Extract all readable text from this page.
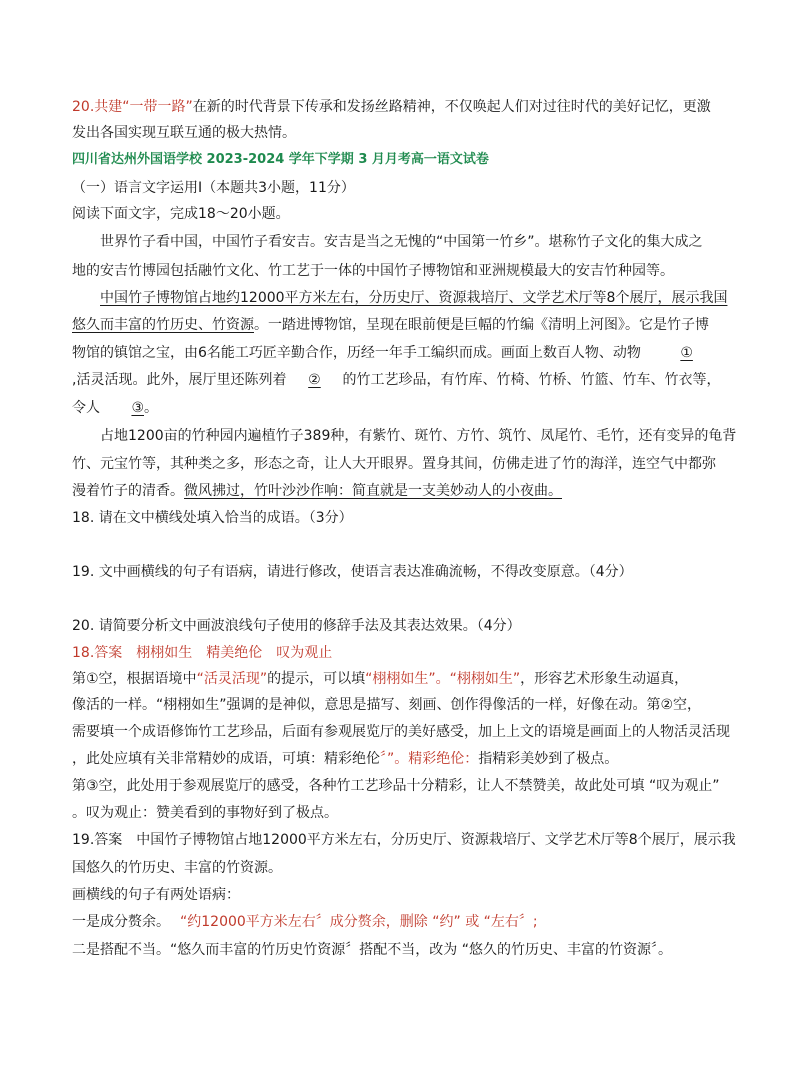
20.共建“一带一路”在新的时代背景下传承和发扬丝路精神，不仅唤起人们对过往时代的美好记忆，更激
发出各国实现互联互通的极大热情。
四川省达州外国语学校 2023-2024 学年下学期 3 月月考高一语文试卷
（一）语言文字运用Ⅰ（本题共3小题，11分）
阅读下面文字，完成18～20小题。
世界竹子看中国，中国竹子看安吉。安吉是当之无愧的“中国第一竹乡”。堪称竹子文化的集大成之
地的安吉竹博园包括融竹文化、竹工艺于一体的中国竹子博物馆和亚洲规模最大的安吉竹种园等。
中国竹子博物馆占地约12000平方米左右，分历史厅、资源栽培厅、文学艺术厅等8个展厅，展示我国
悠久而丰富的竹历史、竹资源。一踏进博物馆，呈现在眼前便是巨幅的竹编《清明上河图》。它是竹子博
物馆的镇馆之宝，由6名能工巧匠辛勤合作，历经一年手工编织而成。画面上数百人物、动物	①
,活灵活现。此外，展厅里还陈列着 ② 的竹工艺珍品，有竹库、竹椅、竹桥、竹篮、竹车、竹衣等，
令人 ③。
占地1200亩的竹种园内遍植竹子389种，有紫竹、斑竹、方竹、筑竹、凤尾竹、毛竹，还有变异的龟背
竹、元宝竹等，其种类之多，形态之奇，让人大开眼界。置身其间，仿佛走进了竹的海洋，连空气中都弥
漫着竹子的清香。微风拂过，竹叶沙沙作响：简直就是一支美妙动人的小夜曲。
18. 请在文中横线处填入恰当的成语。（3分）
19. 文中画横线的句子有语病，请进行修改，使语言表达准确流畅，不得改变原意。（4分）
20. 请简要分析文中画波浪线句子使用的修辞手法及其表达效果。（4分）
18.答案　栩栩如生　精美绝伦　叹为观止
第①空，根据语境中“活灵活现”的提示，可以填“栩栩如生”。“栩栩如生”，形容艺术形象生动逼真，
像活的一样。“栩栩如生”强调的是神似，意思是描写、刻画、创作得像活的一样，好像在动。第②空，
需要填一个成语修饰竹工艺珍品，后面有参观展览厅的美好感受，加上上文的语境是画面上的人物活灵活现
，此处应填有关非常精妙的成语，可填：精彩绝伦〞”。精彩绝伦：指精彩美妙到了极点。
第③空，此处用于参观展览厅的感受，各种竹工艺珍品十分精彩，让人不禁赞美，故此处可填 “叹为观止”
。叹为观止：赞美看到的事物好到了极点。
19.答案　中国竹子博物馆占地12000平方米左右，分历史厅、资源栽培厅、文学艺术厅等8个展厅，展示我
国悠久的竹历史、丰富的竹资源。
画横线的句子有两处语病：
一是成分赘余。 “约12000平方米左右〞成分赘余，删除 “约” 或 “左右〞;
二是搭配不当。“悠久而丰富的竹历史竹资源〞搭配不当，改为 “悠久的竹历史、丰富的竹资源〞。
